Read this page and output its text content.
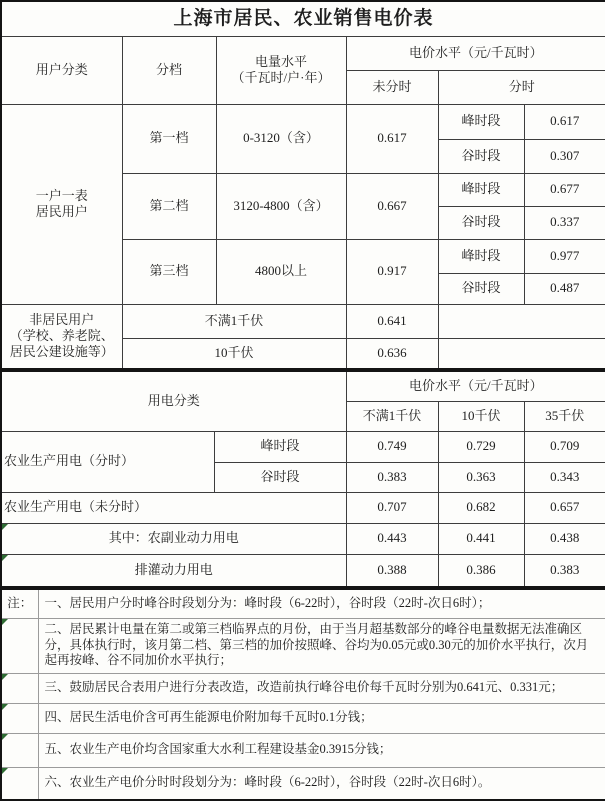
上海市居民、农业销售电价表					
用户分类	分档	电量水平
（千瓦时/户·年）	电价水平（元/千瓦时）		
			未分时	分时	

一户一表
居民用户	第一档	0-3120（含）	0.617	峰时段	0.617
				谷时段	0.307
	第二档	3120-4800（含）	0.667	峰时段	0.677
				谷时段	0.337
	第三档	4800以上	0.917	峰时段	0.977
				谷时段	0.487

非居民用户
（学校、养老院、居民公建设施等）	不满1千伏		0.641		
	10千伏		0.636		
用电分类		电价水平（元/千瓦时）		
		不满1千伏	10千伏	35千伏
农业生产用电（分时）	峰时段	0.749	0.729	0.709
	谷时段	0.383	0.363	0.343
农业生产用电（未分时）		0.707	0.682	0.657

其中：农副业动力用电		0.443	0.441	0.438

排灌动力用电		0.388	0.386	0.383
注：	一、居民用户分时峰谷时段划分为：峰时段（6-22时），谷时段（22时-次日6时）；

	二、居民累计电量在第二或第三档临界点的月份，由于当月超基数部分的峰谷电量数据无法准确区分，具体执行时，该月第二档、第三档的加价按照峰、谷均为0.05元或0.30元的加价水平执行，次月起再按峰、谷不同加价水平执行；

	三、鼓励居民合表用户进行分表改造，改造前执行峰谷电价每千瓦时分别为0.641元、0.331元；

	四、居民生活电价含可再生能源电价附加每千瓦时0.1分钱；

	五、农业生产电价均含国家重大水利工程建设基金0.3915分钱；

	六、农业生产电价分时时段划分为：峰时段（6-22时），谷时段（22时-次日6时）。
